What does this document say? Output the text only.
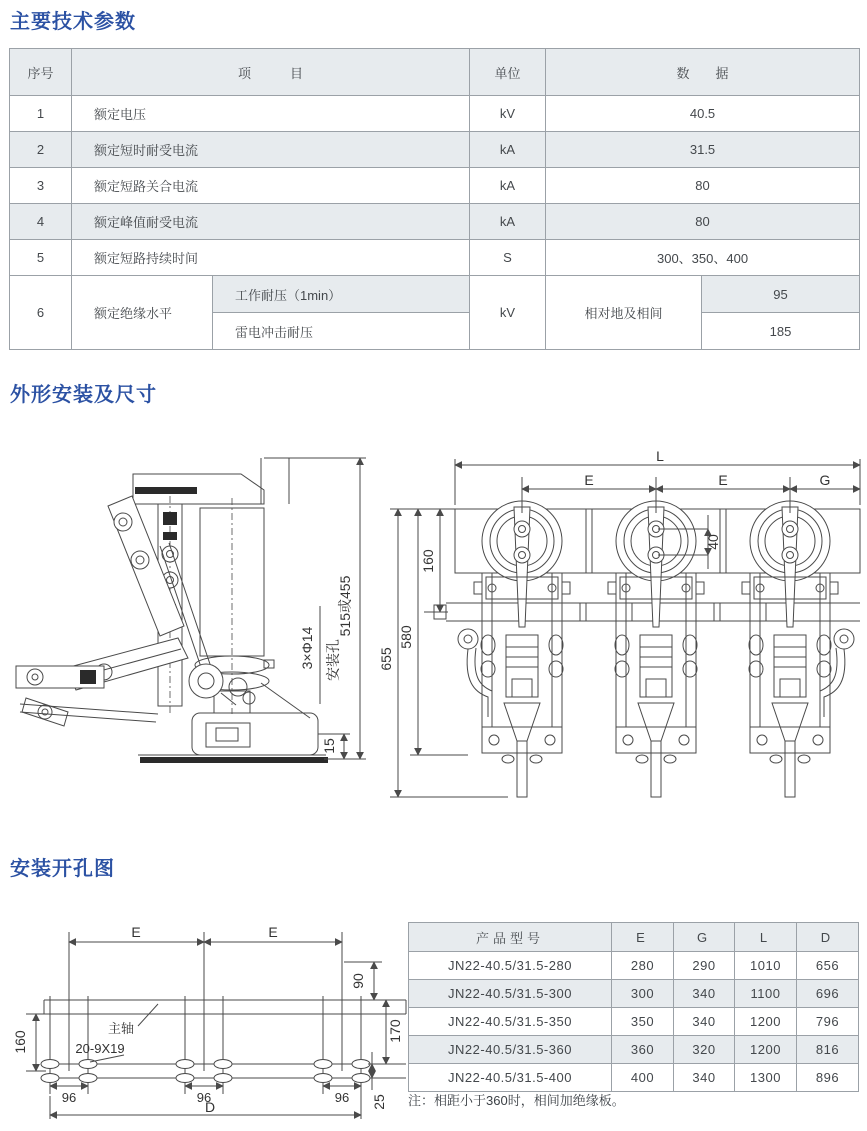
主要技术参数
序号	项　　　目		单位	数　　据	
1	额定电压		kV	40.5	
2	额定短时耐受电流		kA	31.5	
3	额定短路关合电流		kA	80	
4	额定峰值耐受电流		kA	80	
5	额定短路持续时间		S	300、350、400	
6	额定绝缘水平	工作耐压（1min）	kV	相对地及相间	95
		雷电冲击耐压			185
外形安装及尺寸
515或455
3×Φ14 安装孔
15
L
E	E	G
40
160
580
655
安装开孔图
E	E
90
170
160
25
96	96	96
D
主轴
20-9X19
产品型号	E	G	L	D
JN22-40.5/31.5-280	280	290	1010	656
JN22-40.5/31.5-300	300	340	1100	696
JN22-40.5/31.5-350	350	340	1200	796
JN22-40.5/31.5-360	360	320	1200	816
JN22-40.5/31.5-400	400	340	1300	896
注：相距小于360时，相间加绝缘板。
